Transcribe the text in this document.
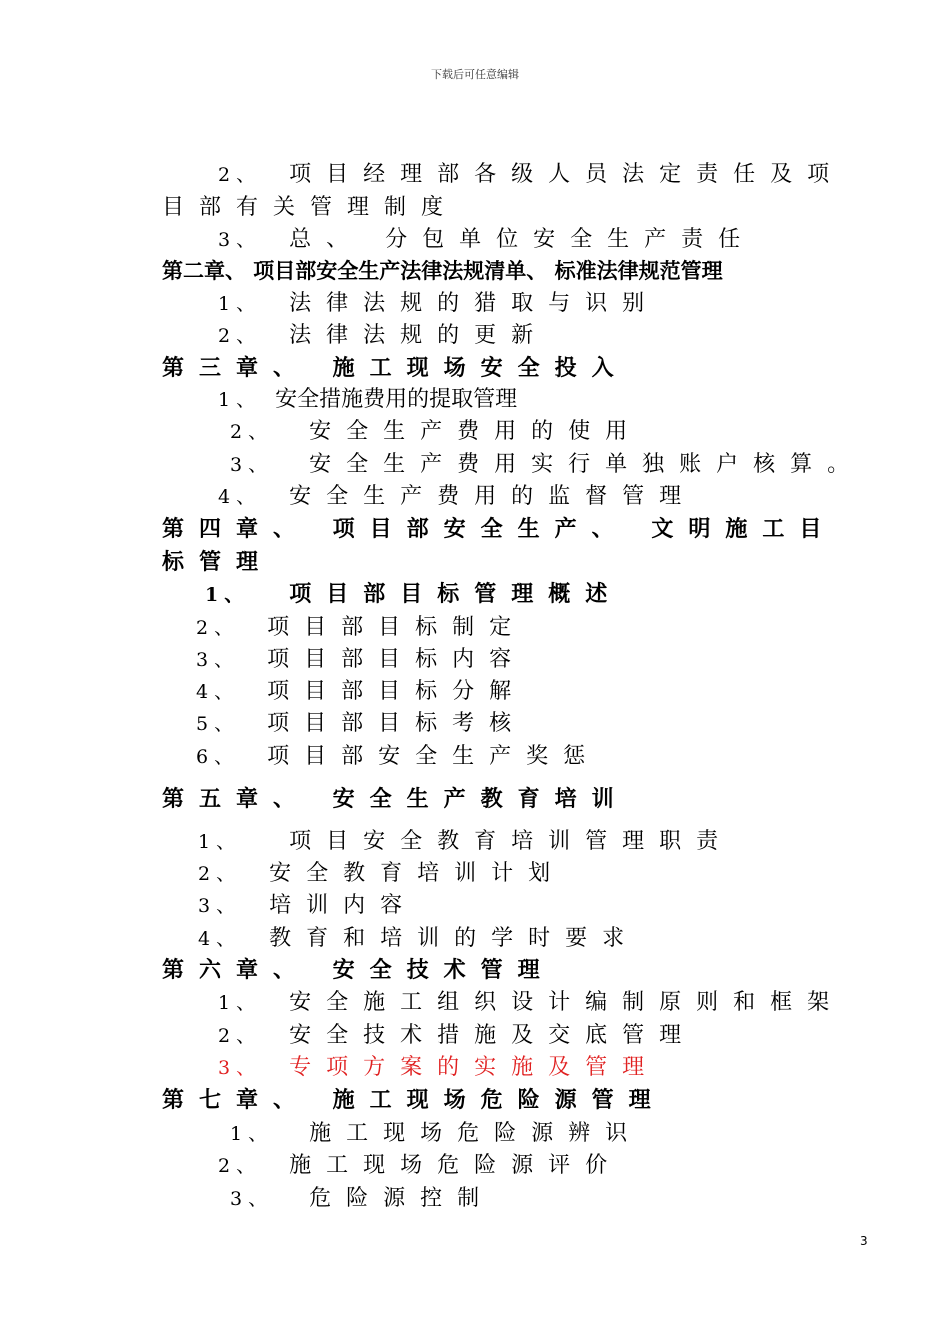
下载后可任意编辑
2、 项目经理部各级人员法定责任及项
目部有关管理制度
3、 总、 分包单位安全生产责任
第二章、 项目部安全生产法律法规清单、 标准法律规范管理
1、 法律法规的猎取与识别
2、 法律法规的更新
第三章、 施工现场安全投入
1、 安全措施费用的提取管理
2、 安全生产费用的使用
3、 安全生产费用实行单独账户核算。
4、 安全生产费用的监督管理
第四章、 项目部安全生产、 文明施工目
标管理
1、 项目部目标管理概述
2、 项目部目标制定
3、 项目部目标内容
4、 项目部目标分解
5、 项目部目标考核
6、 项目部安全生产奖惩
第五章、 安全生产教育培训
1、 项目安全教育培训管理职责
2、 安全教育培训计划
3、 培训内容
4、 教育和培训的学时要求
第六章、 安全技术管理
1、 安全施工组织设计编制原则和框架
2、 安全技术措施及交底管理
3、 专项方案的实施及管理
第七章、 施工现场危险源管理
1、 施工现场危险源辨识
2、 施工现场危险源评价
3、 危险源控制
3
